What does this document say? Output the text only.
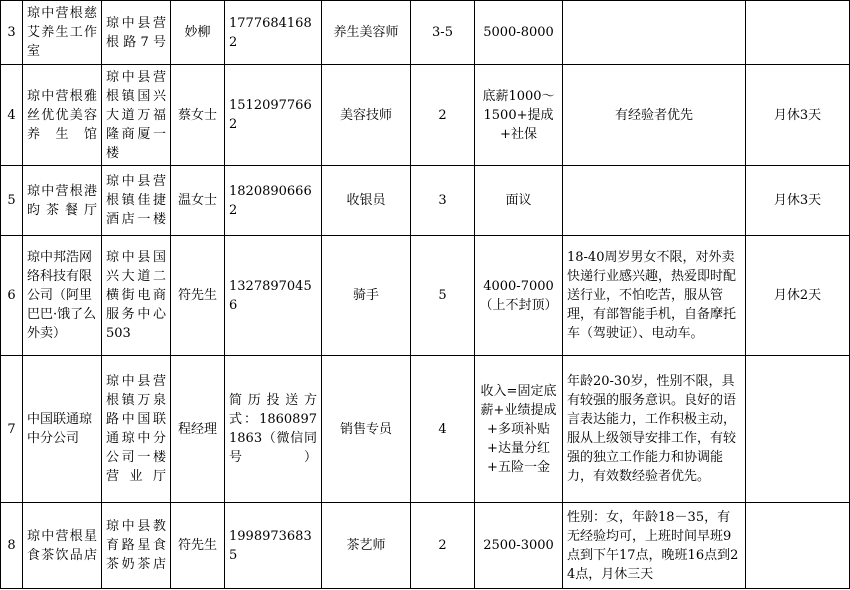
3	琼中营根慈艾养生工作室	琼中县营根路7号	妙柳	17776841682	养生美容师	3-5	5000-8000		
4	琼中营根雅丝优优美容养生馆	琼中县营根镇国兴大道万福隆商厦一楼	蔡女士	15120977662	美容技师	2	底薪1000～1500+提成+社保	有经验者优先	月休3天
5	琼中营根港昀茶餐厅	琼中县营根镇佳捷酒店一楼	温女士	18208906662	收银员	3	面议		月休3天
6	琼中邦浩网络科技有限公司（阿里巴巴·饿了么外卖）	琼中县国兴大道二横街电商服务中心503	符先生	13278970456	骑手	5	4000-7000（上不封顶）	18-40周岁男女不限，对外卖快递行业感兴趣，热爱即时配送行业，不怕吃苦，服从管理，有部智能手机，自备摩托车（驾驶证）、电动车。	月休2天
7	中国联通琼中分公司	琼中县营根镇万泉路中国联通琼中分公司一楼营业厅	程经理	简历投送方式：18608971863（微信同号）	销售专员	4	收入=固定底薪+业绩提成+多项补贴+达量分红+五险一金	年龄20-30岁，性别不限，具有较强的服务意识。良好的语言表达能力，工作积极主动，服从上级领导安排工作，有较强的独立工作能力和协调能力，有效数经验者优先。	
8	琼中营根星食茶饮品店	琼中县教育路星食茶奶茶店	符先生	19989736835	茶艺师	2	2500-3000	性别：女，年龄18－35，有无经验均可，上班时间早班9点到下午17点，晚班16点到24点，月休三天	
